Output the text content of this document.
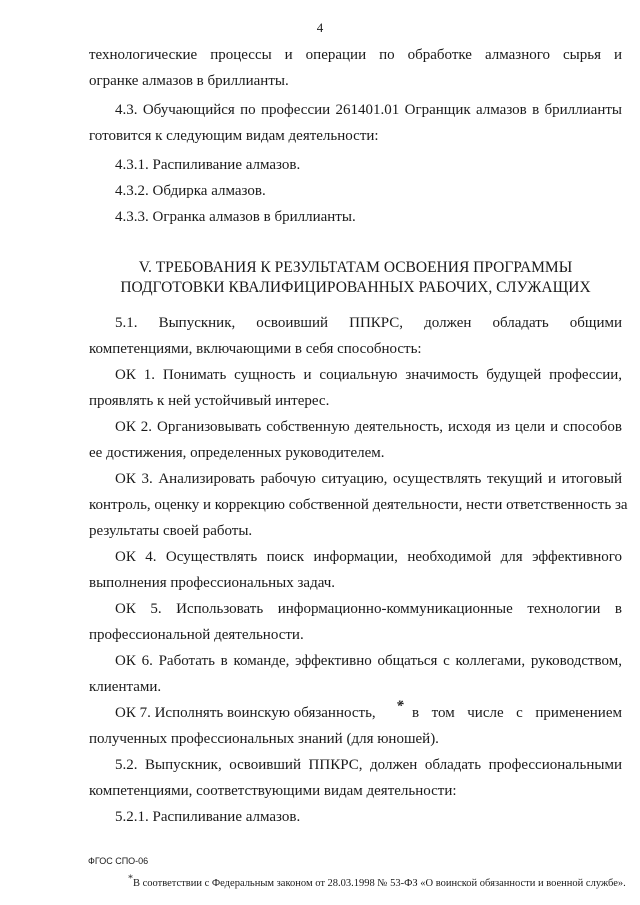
4
технологические процессы и операции по обработке алмазного сырья и
огранке алмазов в бриллианты.
4.3. Обучающийся по профессии 261401.01 Огранщик алмазов в бриллианты
готовится к следующим видам деятельности:
4.3.1. Распиливание алмазов.
4.3.2. Обдирка алмазов.
4.3.3. Огранка алмазов в бриллианты.
V. ТРЕБОВАНИЯ К РЕЗУЛЬТАТАМ ОСВОЕНИЯ ПРОГРАММЫ
ПОДГОТОВКИ КВАЛИФИЦИРОВАННЫХ РАБОЧИХ, СЛУЖАЩИХ
5.1. Выпускник, освоивший ППКРС, должен обладать общими
компетенциями, включающими в себя способность:
ОК 1. Понимать сущность и социальную значимость будущей профессии,
проявлять к ней устойчивый интерес.
ОК 2. Организовывать собственную деятельность, исходя из цели и способов
ее достижения, определенных руководителем.
ОК 3. Анализировать рабочую ситуацию, осуществлять текущий и итоговый
контроль, оценку и коррекцию собственной деятельности, нести ответственность за
результаты своей работы.
ОК 4. Осуществлять поиск информации, необходимой для эффективного
выполнения профессиональных задач.
ОК 5. Использовать информационно-коммуникационные технологии в
профессиональной деятельности.
ОК 6. Работать в команде, эффективно общаться с коллегами, руководством,
клиентами.
ОК 7. Исполнять воинскую обязанность, * в том числе с применением
полученных профессиональных знаний (для юношей).
5.2. Выпускник, освоивший ППКРС, должен обладать профессиональными
компетенциями, соответствующими видам деятельности:
5.2.1. Распиливание алмазов.
ФГОС СПО-06
*В соответствии с Федеральным законом от 28.03.1998 № 53-ФЗ «О воинской обязанности и военной службе».
